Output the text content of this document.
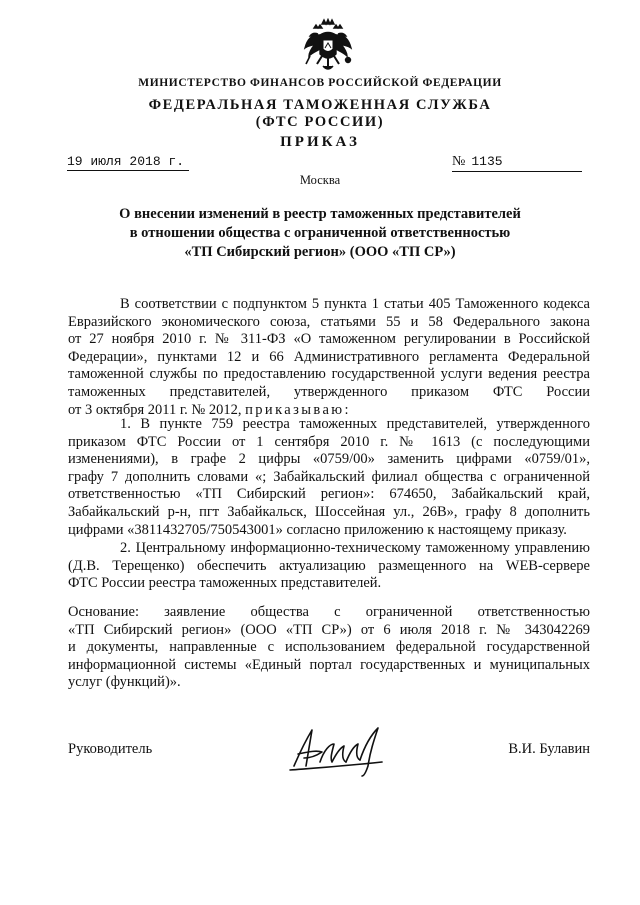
МИНИСТЕРСТВО ФИНАНСОВ РОССИЙСКОЙ ФЕДЕРАЦИИ
ФЕДЕРАЛЬНАЯ ТАМОЖЕННАЯ СЛУЖБА
(ФТС РОССИИ)
ПРИКАЗ
19 июля 2018 г.	№ 1135
Москва
О внесении изменений в реестр таможенных представителей
в отношении общества с ограниченной ответственностью
«ТП Сибирский регион» (ООО «ТП СР»)
В соответствии с подпунктом 5 пункта 1 статьи 405 Таможенного кодекса
Евразийского экономического союза, статьями 55 и 58 Федерального закона
от 27 ноября 2010 г. № 311-ФЗ «О таможенном регулировании в Российской
Федерации», пунктами 12 и 66 Административного регламента Федеральной
таможенной службы по предоставлению государственной услуги ведения реестра
таможенных представителей, утвержденного приказом ФТС России
от 3 октября 2011 г. № 2012, приказываю:
1. В пункте 759 реестра таможенных представителей, утвержденного
приказом ФТС России от 1 сентября 2010 г. № 1613 (с последующими
изменениями), в графе 2 цифры «0759/00» заменить цифрами «0759/01»,
графу 7 дополнить словами «; Забайкальский филиал общества с ограниченной
ответственностью «ТП Сибирский регион»: 674650, Забайкальский край,
Забайкальский р-н, пгт Забайкальск, Шоссейная ул., 26В», графу 8 дополнить
цифрами «3811432705/750543001» согласно приложению к настоящему приказу.
2. Центральному информационно-техническому таможенному управлению
(Д.В. Терещенко) обеспечить актуализацию размещенного на WEB-сервере
ФТС России реестра таможенных представителей.
Основание: заявление общества с ограниченной ответственностью
«ТП Сибирский регион» (ООО «ТП СР») от 6 июля 2018 г. № 343042269
и документы, направленные с использованием федеральной государственной
информационной системы «Единый портал государственных и муниципальных
услуг (функций)».
Руководитель	В.И. Булавин
